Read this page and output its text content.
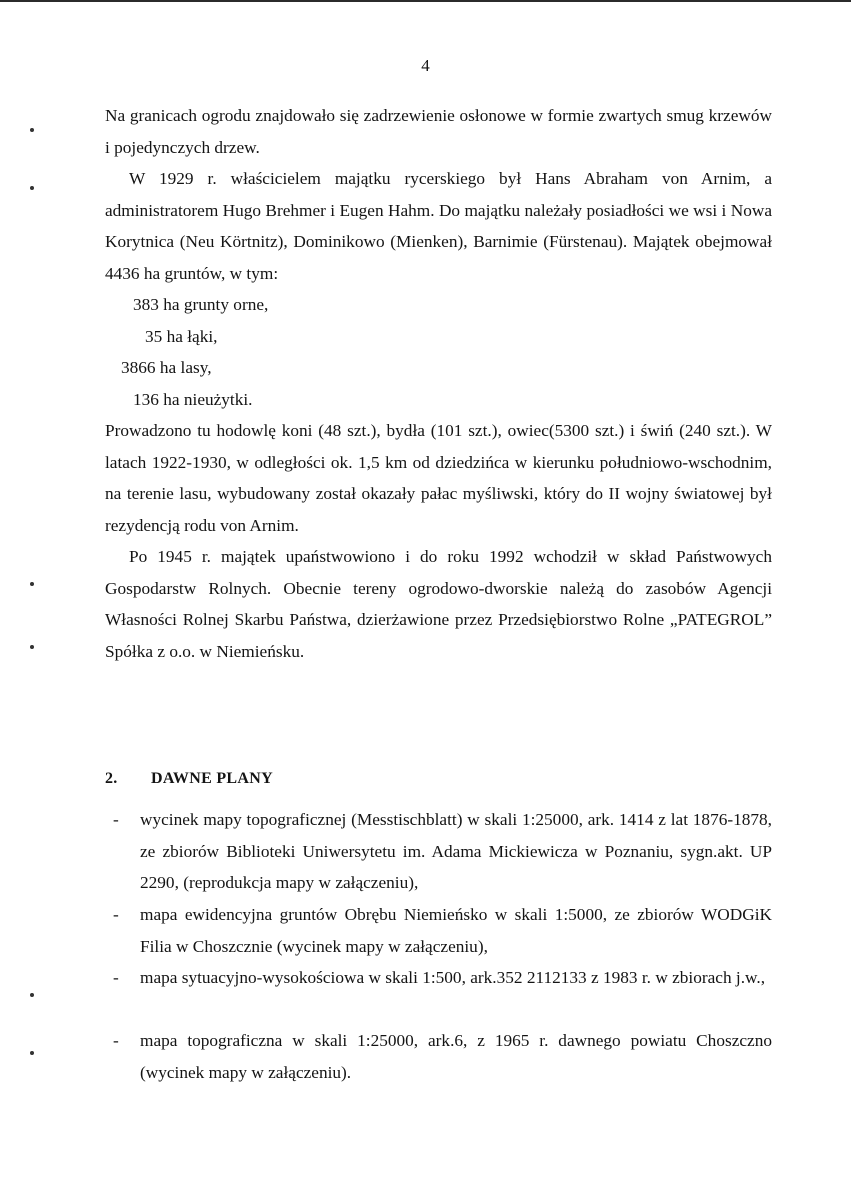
4

Na granicach ogrodu znajdowało się zadrzewienie osłonowe w formie zwartych smug krzewów i pojedynczych drzew.

W 1929 r. właścicielem majątku rycerskiego był Hans Abraham von Arnim, a administratorem Hugo Brehmer i Eugen Hahm. Do majątku należały posiadłości we wsi i Nowa Korytnica (Neu Körtnitz), Dominikowo (Mienken), Barnimie (Fürstenau). Majątek obejmował 4436 ha gruntów, w tym:

383 ha grunty orne,
35 ha łąki,
3866 ha lasy,
136 ha nieużytki.

Prowadzono tu hodowlę koni (48 szt.), bydła (101 szt.), owiec(5300 szt.) i świń (240 szt.). W latach 1922-1930, w odległości ok. 1,5 km od dziedzińca w kierunku południowo-wschodnim, na terenie lasu, wybudowany został okazały pałac myśliwski, który do II wojny światowej był rezydencją rodu von Arnim.

Po 1945 r. majątek upaństwowiono i do roku 1992 wchodził w skład Państwowych Gospodarstw Rolnych. Obecnie tereny ogrodowo-dworskie należą do zasobów Agencji Własności Rolnej Skarbu Państwa, dzierżawione przez Przedsiębiorstwo Rolne „PATEGROL” Spółka z o.o. w Niemieńsku.

2. DAWNE PLANY
- wycinek mapy topograficznej (Messtischblatt) w skali 1:25000, ark. 1414 z lat 1876-1878, ze zbiorów Biblioteki Uniwersytetu im. Adama Mickiewicza w Poznaniu, sygn.akt. UP 2290, (reprodukcja mapy w załączeniu),

- mapa ewidencyjna gruntów Obrębu Niemieńsko w skali 1:5000, ze zbiorów WODGiK Filia w Choszcznie (wycinek mapy w załączeniu),

- mapa sytuacyjno-wysokościowa w skali 1:500, ark.352 2112133 z 1983 r. w zbiorach j.w.,

- mapa topograficzna w skali 1:25000, ark.6, z 1965 r. dawnego powiatu Choszczno (wycinek mapy w załączeniu).
